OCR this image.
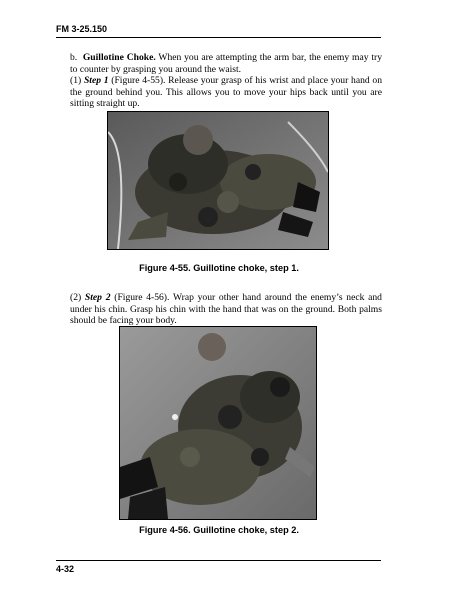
FM 3-25.150
b. Guillotine Choke. When you are attempting the arm bar, the enemy may try to counter by grasping you around the waist.
(1) Step 1 (Figure 4-55). Release your grasp of his wrist and place your hand on the ground behind you. This allows you to move your hips back until you are sitting straight up.
Figure 4-55. Guillotine choke, step 1.
(2) Step 2 (Figure 4-56). Wrap your other hand around the enemy’s neck and under his chin. Grasp his chin with the hand that was on the ground. Both palms should be facing your body.
Figure 4-56. Guillotine choke, step 2.
4-32
